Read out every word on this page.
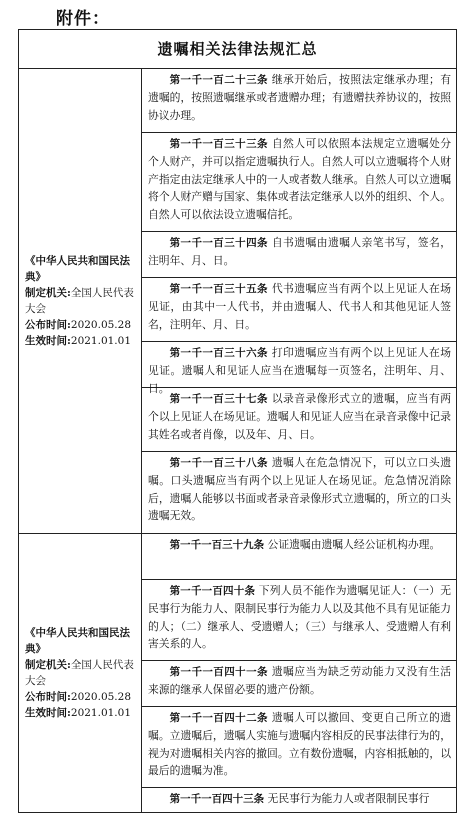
附件：
遗嘱相关法律法规汇总
《中华人民共和国民法典》
制定机关:全国人民代表大会
公布时间:2020.05.28
生效时间:2021.01.01
第一千一百二十三条 继承开始后，按照法定继承办理；有遗嘱的，按照遗嘱继承或者遗赠办理；有遗赠扶养协议的，按照协议办理。
第一千一百三十三条 自然人可以依照本法规定立遗嘱处分个人财产，并可以指定遗嘱执行人。自然人可以立遗嘱将个人财产指定由法定继承人中的一人或者数人继承。自然人可以立遗嘱将个人财产赠与国家、集体或者法定继承人以外的组织、个人。自然人可以依法设立遗嘱信托。
第一千一百三十四条 自书遗嘱由遗嘱人亲笔书写，签名，注明年、月、日。
第一千一百三十五条 代书遗嘱应当有两个以上见证人在场见证，由其中一人代书，并由遗嘱人、代书人和其他见证人签名，注明年、月、日。
第一千一百三十六条 打印遗嘱应当有两个以上见证人在场见证。遗嘱人和见证人应当在遗嘱每一页签名，注明年、月、日。
第一千一百三十七条 以录音录像形式立的遗嘱，应当有两个以上见证人在场见证。遗嘱人和见证人应当在录音录像中记录其姓名或者肖像，以及年、月、日。
第一千一百三十八条 遗嘱人在危急情况下，可以立口头遗嘱。口头遗嘱应当有两个以上见证人在场见证。危急情况消除后，遗嘱人能够以书面或者录音录像形式立遗嘱的，所立的口头遗嘱无效。
《中华人民共和国民法典》
制定机关:全国人民代表大会
公布时间:2020.05.28
生效时间:2021.01.01
第一千一百三十九条 公证遗嘱由遗嘱人经公证机构办理。
第一千一百四十条 下列人员不能作为遗嘱见证人：（一）无民事行为能力人、限制民事行为能力人以及其他不具有见证能力的人；（二）继承人、受遗赠人；（三）与继承人、受遗赠人有利害关系的人。
第一千一百四十一条 遗嘱应当为缺乏劳动能力又没有生活来源的继承人保留必要的遗产份额。
第一千一百四十二条 遗嘱人可以撤回、变更自己所立的遗嘱。立遗嘱后，遗嘱人实施与遗嘱内容相反的民事法律行为的，视为对遗嘱相关内容的撤回。立有数份遗嘱，内容相抵触的，以最后的遗嘱为准。
第一千一百四十三条 无民事行为能力人或者限制民事行
